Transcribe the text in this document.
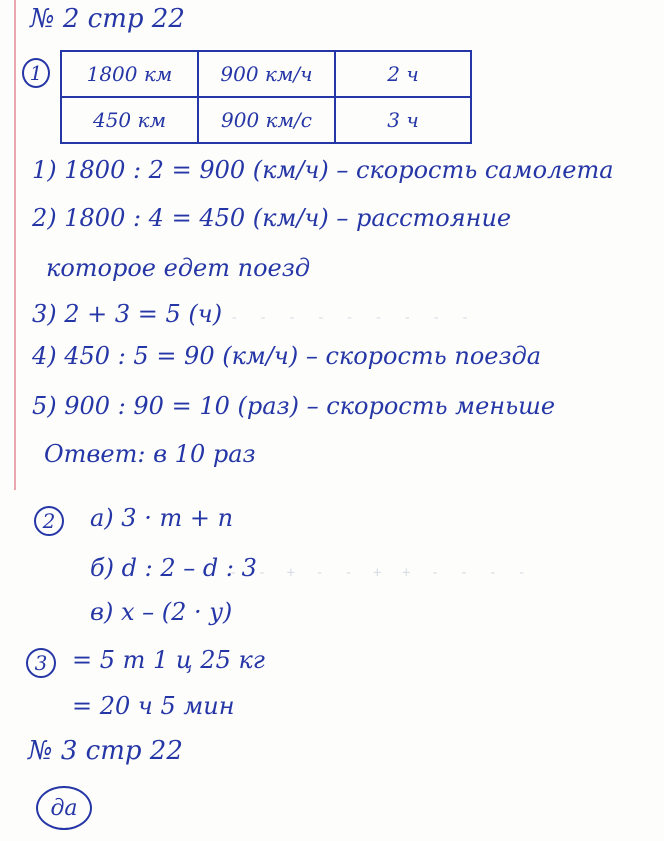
- - - - - - - - -
- - - + - - + + - - - -
№ 2 стр 22
1	1800 км	900 км/ч	2 ч
450 км	900 км/с	3 ч
1) 1800 : 2 = 900 (км/ч) – скорость самолета
2) 1800 : 4 = 450 (км/ч) – расстояние
которое едет поезд
3) 2 + 3 = 5 (ч)
4) 450 : 5 = 90 (км/ч) – скорость поезда
5) 900 : 90 = 10 (раз) – скорость меньше
Ответ: в 10 раз
2	а) 3 · m + n
б) d : 2 – d : 3
в) x – (2 · y)
3	= 5 т 1 ц 25 кг
= 20 ч 5 мин
№ 3 стр 22
да
